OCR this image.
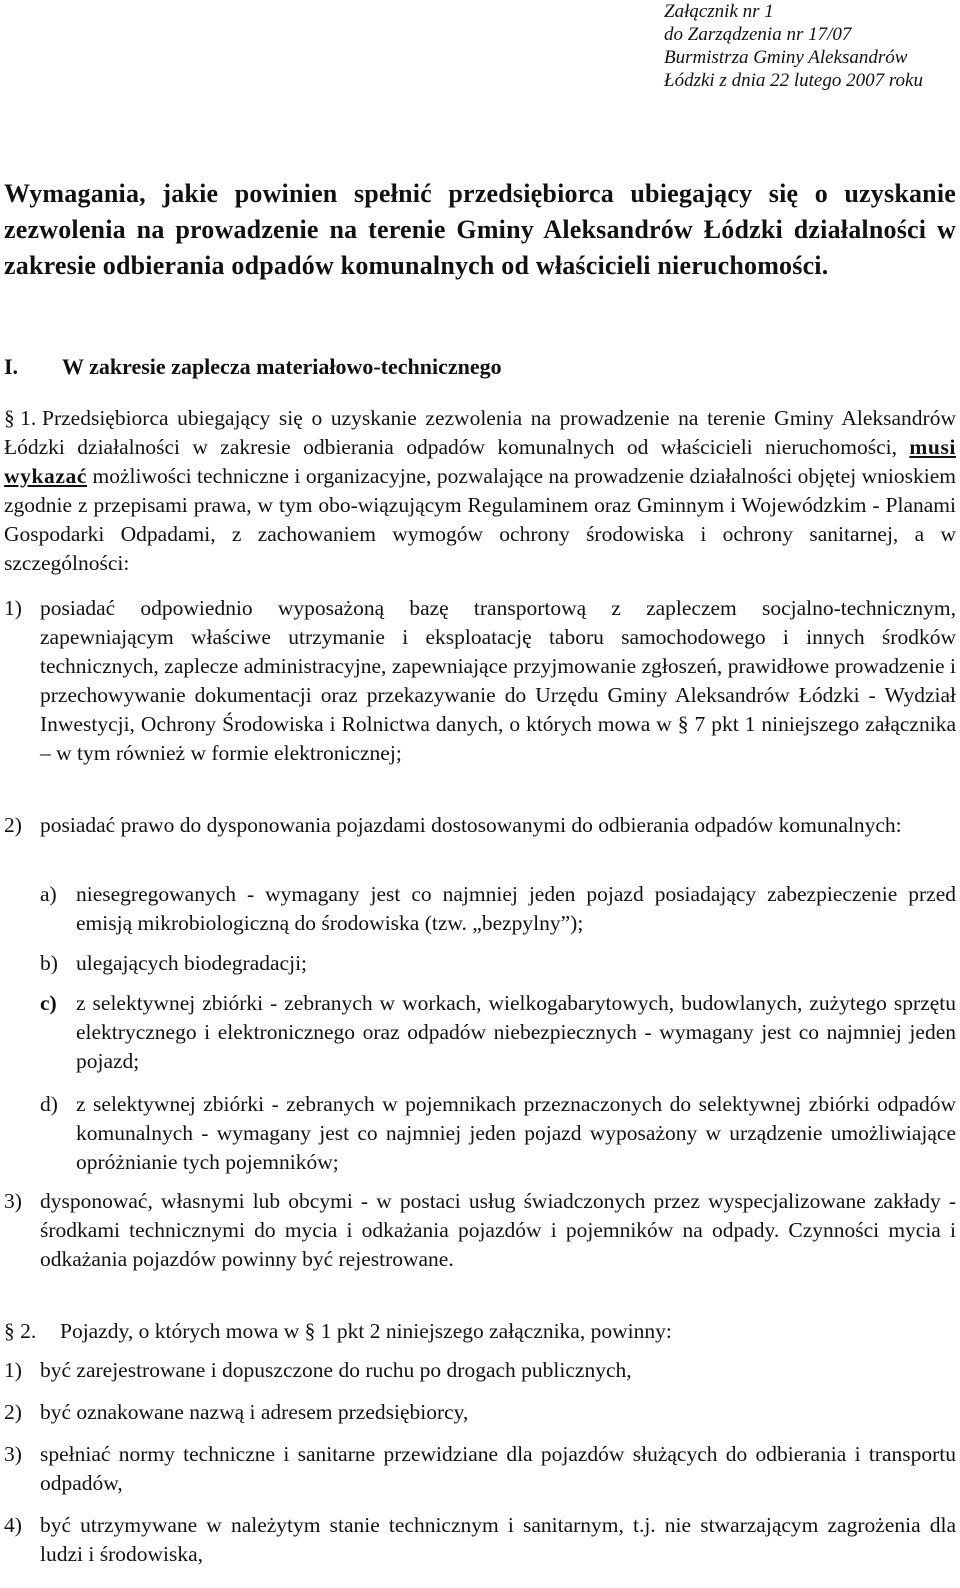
Załącznik nr 1
do Zarządzenia nr 17/07
Burmistrza Gminy Aleksandrów
Łódzki z dnia 22 lutego 2007 roku
Wymagania, jakie powinien spełnić przedsiębiorca ubiegający się o uzyskanie zezwolenia na prowadzenie na terenie Gminy Aleksandrów Łódzki działalności w zakresie odbierania odpadów komunalnych od właścicieli nieruchomości.
I. W zakresie zaplecza materiałowo-technicznego
§ 1. Przedsiębiorca ubiegający się o uzyskanie zezwolenia na prowadzenie na terenie Gminy Aleksandrów Łódzki działalności w zakresie odbierania odpadów komunalnych od właścicieli nieruchomości, musi wykazać możliwości techniczne i organizacyjne, pozwalające na prowadzenie działalności objętej wnioskiem zgodnie z przepisami prawa, w tym obo-wiązującym Regulaminem oraz Gminnym i Wojewódzkim - Planami Gospodarki Odpadami, z zachowaniem wymogów ochrony środowiska i ochrony sanitarnej, a w szczególności:
1) posiadać odpowiednio wyposażoną bazę transportową z zapleczem socjalno-technicznym, zapewniającym właściwe utrzymanie i eksploatację taboru samochodowego i innych środków technicznych, zaplecze administracyjne, zapewniające przyjmowanie zgłoszeń, prawidłowe prowadzenie i przechowywanie dokumentacji oraz przekazywanie do Urzędu Gminy Aleksandrów Łódzki - Wydział Inwestycji, Ochrony Środowiska i Rolnictwa danych, o których mowa w § 7 pkt 1 niniejszego załącznika – w tym również w formie elektronicznej;
2) posiadać prawo do dysponowania pojazdami dostosowanymi do odbierania odpadów komunalnych:
a) niesegregowanych - wymagany jest co najmniej jeden pojazd posiadający zabezpieczenie przed emisją mikrobiologiczną do środowiska (tzw. „bezpylny”);
b) ulegających biodegradacji;
c) z selektywnej zbiórki - zebranych w workach, wielkogabarytowych, budowlanych, zużytego sprzętu elektrycznego i elektronicznego oraz odpadów niebezpiecznych - wymagany jest co najmniej jeden pojazd;
d) z selektywnej zbiórki - zebranych w pojemnikach przeznaczonych do selektywnej zbiórki odpadów komunalnych - wymagany jest co najmniej jeden pojazd wyposażony w urządzenie umożliwiające opróżnianie tych pojemników;
3) dysponować, własnymi lub obcymi - w postaci usług świadczonych przez wyspecjalizowane zakłady - środkami technicznymi do mycia i odkażania pojazdów i pojemników na odpady. Czynności mycia i odkażania pojazdów powinny być rejestrowane.
§ 2. Pojazdy, o których mowa w § 1 pkt 2 niniejszego załącznika, powinny:
1) być zarejestrowane i dopuszczone do ruchu po drogach publicznych,
2) być oznakowane nazwą i adresem przedsiębiorcy,
3) spełniać normy techniczne i sanitarne przewidziane dla pojazdów służących do odbierania i transportu odpadów,
4) być utrzymywane w należytym stanie technicznym i sanitarnym, t.j. nie stwarzającym zagrożenia dla ludzi i środowiska,
